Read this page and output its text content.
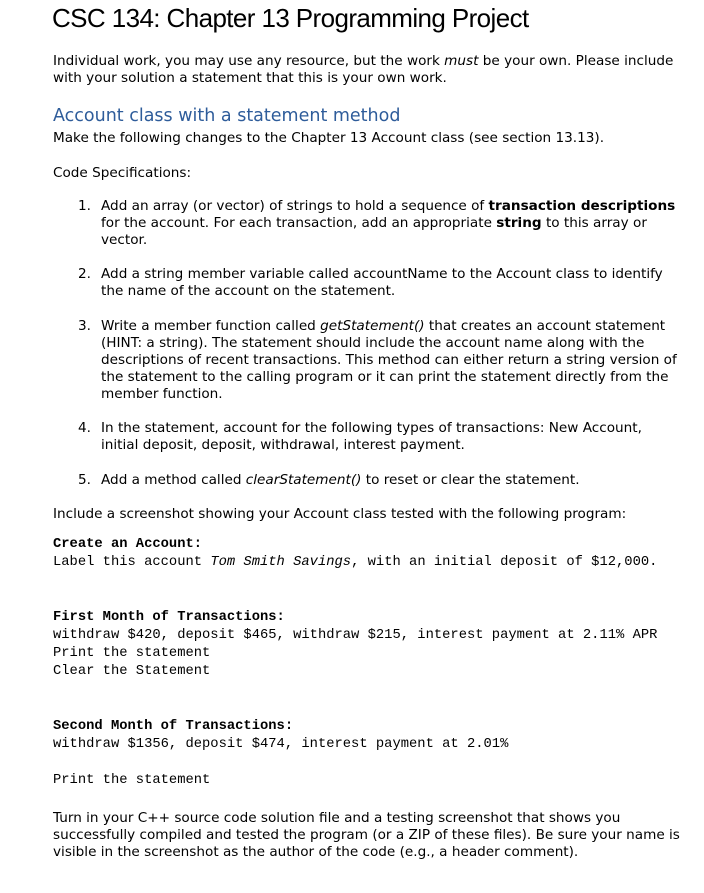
CSC 134: Chapter 13 Programming Project

Individual work, you may use any resource, but the work must be your own. Please include with your solution a statement that this is your own work.

Account class with a statement method

Make the following changes to the Chapter 13 Account class (see section 13.13).

Code Specifications:

1. Add an array (or vector) of strings to hold a sequence of transaction descriptions for the account. For each transaction, add an appropriate string to this array or vector.
2. Add a string member variable called accountName to the Account class to identify the name of the account on the statement.
3. Write a member function called getStatement() that creates an account statement (HINT: a string). The statement should include the account name along with the descriptions of recent transactions. This method can either return a string version of the statement to the calling program or it can print the statement directly from the member function.
4. In the statement, account for the following types of transactions: New Account, initial deposit, deposit, withdrawal, interest payment.
5. Add a method called clearStatement() to reset or clear the statement.

Include a screenshot showing your Account class tested with the following program:

Create an Account:
Label this account Tom Smith Savings, with an initial deposit of $12,000.
First Month of Transactions:
withdraw $420, deposit $465, withdraw $215, interest payment at 2.11% APR
Print the statement
Clear the Statement
Second Month of Transactions:
withdraw $1356, deposit $474, interest payment at 2.01%
Print the statement

Turn in your C++ source code solution file and a testing screenshot that shows you successfully compiled and tested the program (or a ZIP of these files). Be sure your name is visible in the screenshot as the author of the code (e.g., a header comment).
